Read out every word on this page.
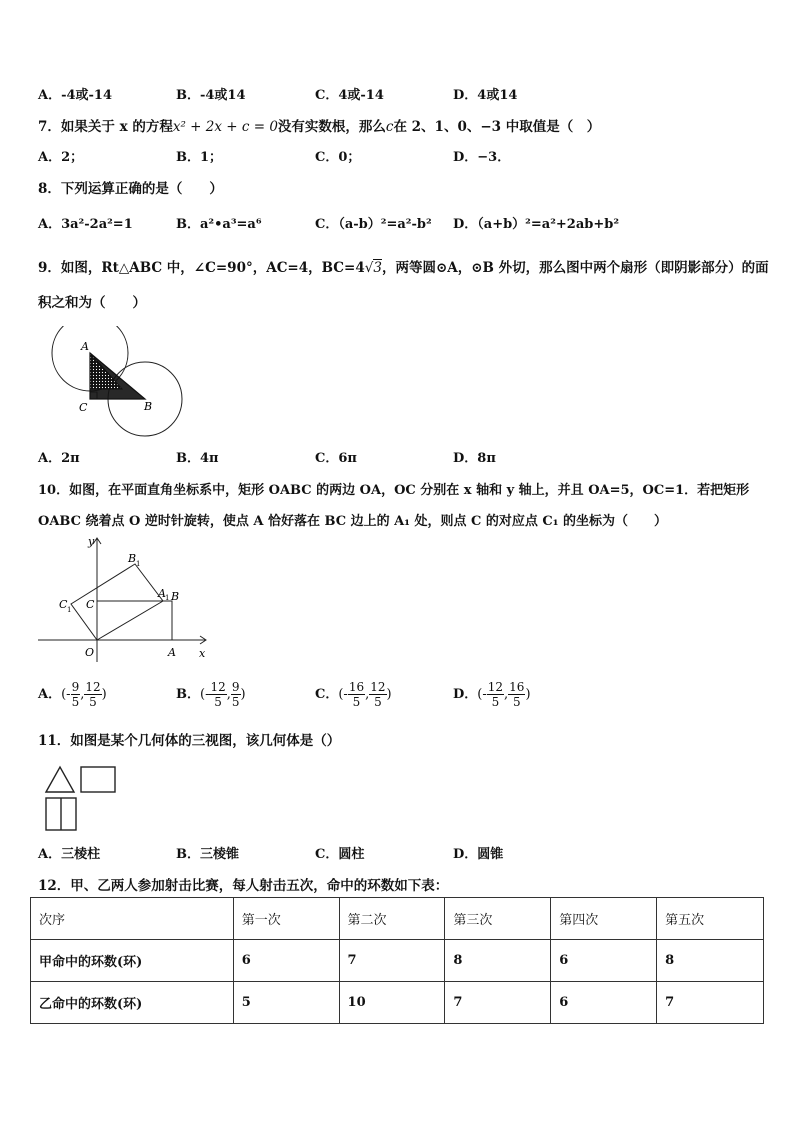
A．-4或-14	B．-4或14	C．4或-14	D．4或14
7．如果关于 x 的方程x² + 2x + c = 0没有实数根，那么c在 2、1、0、−3 中取值是（　）
A．2；	B．1；	C．0；	D．−3．
8．下列运算正确的是（　　）
A．3a²-2a²=1	B．a²•a³=a⁶	C．（a-b）²=a²-b² D．（a+b）²=a²+2ab+b²
9．如图，Rt△ABC 中，∠C=90°，AC=4，BC=4√3，两等圆⊙A，⊙B 外切，那么图中两个扇形（即阴影部分）的面
积之和为（　　）
A
C	B
A．2π	B．4π	C．6π	D．8π
10．如图，在平面直角坐标系中，矩形 OABC 的两边 OA，OC 分别在 x 轴和 y 轴上，并且 OA=5，OC=1．若把矩形
OABC 绕着点 O 逆时针旋转，使点 A 恰好落在 BC 边上的 A₁ 处，则点 C 的对应点 C₁ 的坐标为（　　）
y
x
O	A
C
B
A 1
B 1
C 1
A．(- $\frac{9}{5}$ , $\frac{12}{5}$ )	B．(- $\frac{12}{5}$ , $\frac{9}{5}$ )	C．(- $\frac{16}{5}$ , $\frac{12}{5}$ )	D．(- $\frac{12}{5}$ , $\frac{16}{5}$ )
11．如图是某个几何体的三视图，该几何体是（）
A．三棱柱	B．三棱锥	C．圆柱	D．圆锥
12．甲、乙两人参加射击比赛，每人射击五次，命中的环数如下表：
次序	第一次	第二次	第三次	第四次	第五次
甲命中的环数(环)	6	7	8	6	8
乙命中的环数(环)	5	10	7	6	7
